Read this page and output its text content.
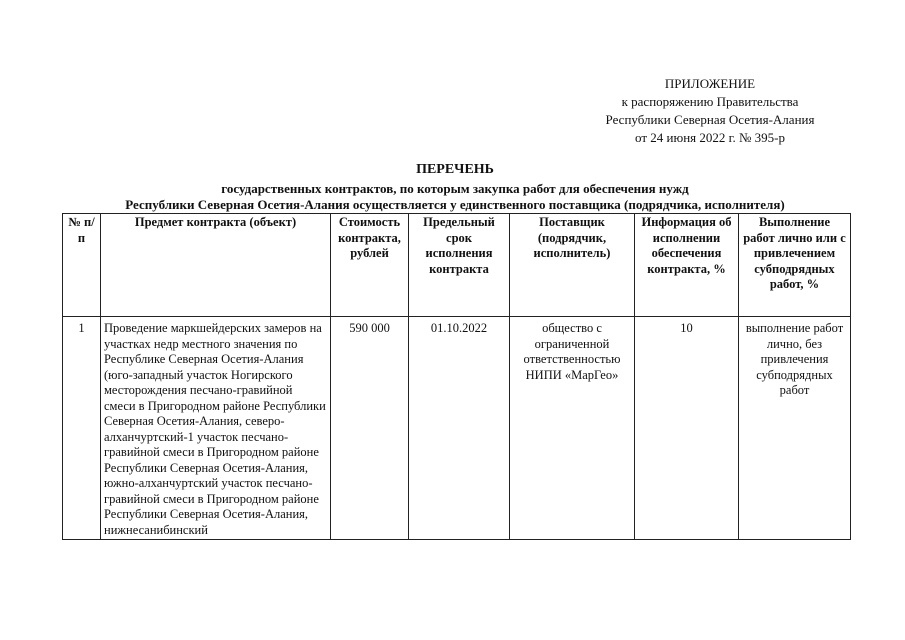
ПРИЛОЖЕНИЕ
к распоряжению Правительства
Республики Северная Осетия-Алания
от 24 июня 2022 г. № 395-р
ПЕРЕЧЕНЬ
государственных контрактов, по которым закупка работ для обеспечения нужд
Республики Северная Осетия-Алания осуществляется у единственного поставщика (подрядчика, исполнителя)
№ п/п	Предмет контракта (объект)	Стоимость контракта, рублей	Предельный срок исполнения контракта	Поставщик (подрядчик, исполнитель)	Информация об исполнении обеспечения контракта, %	Выполнение работ лично или с привлечением субподрядных работ, %
1	Проведение маркшейдерских замеров на участках недр местного значения по Республике Северная Осетия-Алания (юго-западный участок Ногирского месторождения песчано-гравийной смеси в Пригородном районе Республики Северная Осетия-Алания, северо-алханчуртский-1 участок песчано-гравийной смеси в Пригородном районе Республики Северная Осетия-Алания, южно-алханчуртский участок песчано-гравийной смеси в Пригородном районе Республики Северная Осетия-Алания, нижнесанибинский	590 000	01.10.2022	общество с ограниченной ответственностью НИПИ «МарГео»	10	выполнение работ лично, без привлечения субподрядных работ
